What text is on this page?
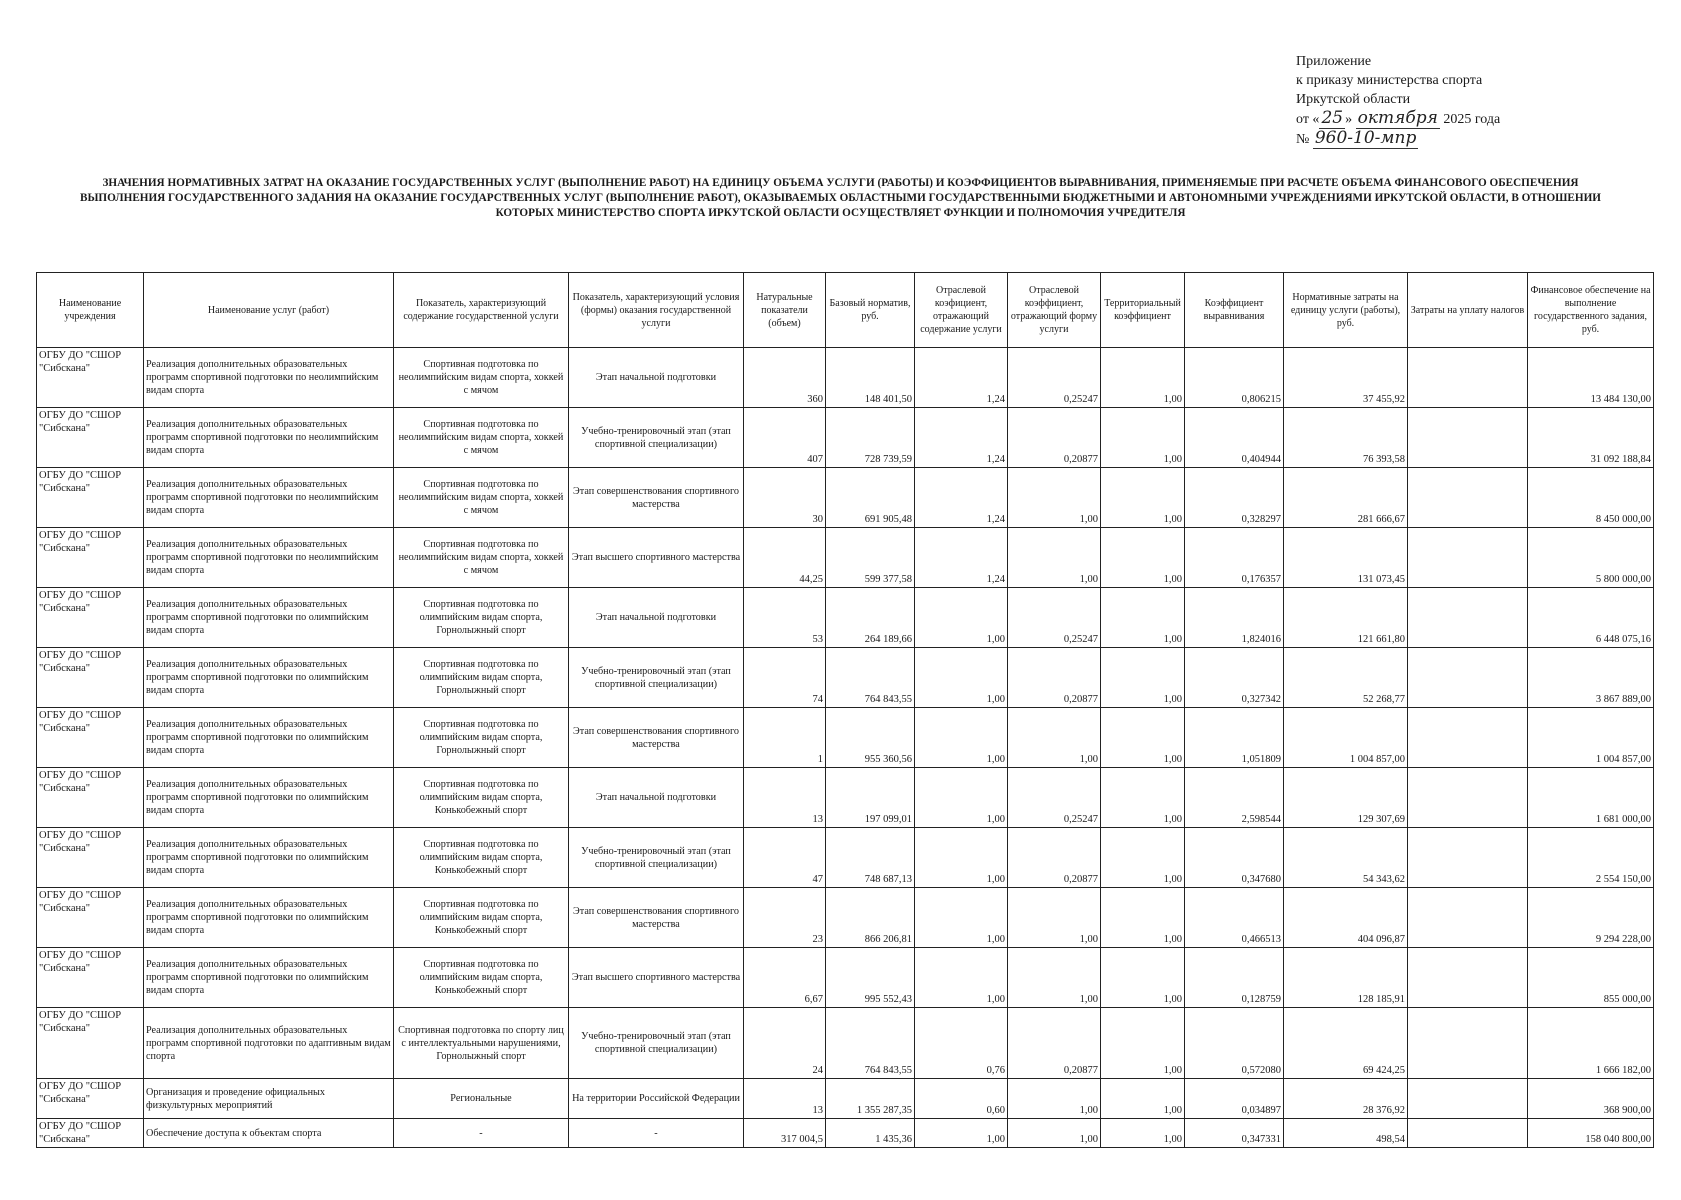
Приложение
к приказу министерства спорта
Иркутской области
от « 25 » октября 2025 года
№ 960-10-мпр
ЗНАЧЕНИЯ НОРМАТИВНЫХ ЗАТРАТ НА ОКАЗАНИЕ ГОСУДАРСТВЕННЫХ УСЛУГ (ВЫПОЛНЕНИЕ РАБОТ) НА ЕДИНИЦУ ОБЪЕМА УСЛУГИ (РАБОТЫ) И КОЭФФИЦИЕНТОВ ВЫРАВНИВАНИЯ, ПРИМЕНЯЕМЫЕ ПРИ РАСЧЕТЕ ОБЪЕМА ФИНАНСОВОГО ОБЕСПЕЧЕНИЯ
ВЫПОЛНЕНИЯ ГОСУДАРСТВЕННОГО ЗАДАНИЯ НА ОКАЗАНИЕ ГОСУДАРСТВЕННЫХ УСЛУГ (ВЫПОЛНЕНИЕ РАБОТ), ОКАЗЫВАЕМЫХ ОБЛАСТНЫМИ ГОСУДАРСТВЕННЫМИ БЮДЖЕТНЫМИ И АВТОНОМНЫМИ УЧРЕЖДЕНИЯМИ ИРКУТСКОЙ ОБЛАСТИ, В ОТНОШЕНИИ
КОТОРЫХ МИНИСТЕРСТВО СПОРТА ИРКУТСКОЙ ОБЛАСТИ ОСУЩЕСТВЛЯЕТ ФУНКЦИИ И ПОЛНОМОЧИЯ УЧРЕДИТЕЛЯ
Наименование учреждения	Наименование услуг (работ)	Показатель, характеризующий содержание государственной услуги	Показатель, характеризующий условия (формы) оказания государственной услуги	Натуральные показатели (объем)	Базовый норматив, руб.	Отраслевой коэфициент, отражающий содержание услуги	Отраслевой коэффициент, отражающий форму услуги	Территориальный коэффициент	Коэффициент выравнивания	Нормативные затраты на единицу услуги (работы), руб.	Затраты на уплату налогов	Финансовое обеспечение на выполнение государственного задания, руб.
ОГБУ ДО "СШОР "Сибскана"	Реализация дополнительных образовательных программ спортивной подготовки по неолимпийским видам спорта	Спортивная подготовка по неолимпийским видам спорта, хоккей с мячом	Этап начальной подготовки	360	148 401,50	1,24	0,25247	1,00	0,806215	37 455,92		13 484 130,00
ОГБУ ДО "СШОР "Сибскана"	Реализация дополнительных образовательных программ спортивной подготовки по неолимпийским видам спорта	Спортивная подготовка по неолимпийским видам спорта, хоккей с мячом	Учебно-тренировочный этап (этап спортивной специализации)	407	728 739,59	1,24	0,20877	1,00	0,404944	76 393,58		31 092 188,84
ОГБУ ДО "СШОР "Сибскана"	Реализация дополнительных образовательных программ спортивной подготовки по неолимпийским видам спорта	Спортивная подготовка по неолимпийским видам спорта, хоккей с мячом	Этап совершенствования спортивного мастерства	30	691 905,48	1,24	1,00	1,00	0,328297	281 666,67		8 450 000,00
ОГБУ ДО "СШОР "Сибскана"	Реализация дополнительных образовательных программ спортивной подготовки по неолимпийским видам спорта	Спортивная подготовка по неолимпийским видам спорта, хоккей с мячом	Этап высшего спортивного мастерства	44,25	599 377,58	1,24	1,00	1,00	0,176357	131 073,45		5 800 000,00
ОГБУ ДО "СШОР "Сибскана"	Реализация дополнительных образовательных программ спортивной подготовки по олимпийским видам спорта	Спортивная подготовка по олимпийским видам спорта, Горнолыжный спорт	Этап начальной подготовки	53	264 189,66	1,00	0,25247	1,00	1,824016	121 661,80		6 448 075,16
ОГБУ ДО "СШОР "Сибскана"	Реализация дополнительных образовательных программ спортивной подготовки по олимпийским видам спорта	Спортивная подготовка по олимпийским видам спорта, Горнолыжный спорт	Учебно-тренировочный этап (этап спортивной специализации)	74	764 843,55	1,00	0,20877	1,00	0,327342	52 268,77		3 867 889,00
ОГБУ ДО "СШОР "Сибскана"	Реализация дополнительных образовательных программ спортивной подготовки по олимпийским видам спорта	Спортивная подготовка по олимпийским видам спорта, Горнолыжный спорт	Этап совершенствования спортивного мастерства	1	955 360,56	1,00	1,00	1,00	1,051809	1 004 857,00		1 004 857,00
ОГБУ ДО "СШОР "Сибскана"	Реализация дополнительных образовательных программ спортивной подготовки по олимпийским видам спорта	Спортивная подготовка по олимпийским видам спорта, Конькобежный спорт	Этап начальной подготовки	13	197 099,01	1,00	0,25247	1,00	2,598544	129 307,69		1 681 000,00
ОГБУ ДО "СШОР "Сибскана"	Реализация дополнительных образовательных программ спортивной подготовки по олимпийским видам спорта	Спортивная подготовка по олимпийским видам спорта, Конькобежный спорт	Учебно-тренировочный этап (этап спортивной специализации)	47	748 687,13	1,00	0,20877	1,00	0,347680	54 343,62		2 554 150,00
ОГБУ ДО "СШОР "Сибскана"	Реализация дополнительных образовательных программ спортивной подготовки по олимпийским видам спорта	Спортивная подготовка по олимпийским видам спорта, Конькобежный спорт	Этап совершенствования спортивного мастерства	23	866 206,81	1,00	1,00	1,00	0,466513	404 096,87		9 294 228,00
ОГБУ ДО "СШОР "Сибскана"	Реализация дополнительных образовательных программ спортивной подготовки по олимпийским видам спорта	Спортивная подготовка по олимпийским видам спорта, Конькобежный спорт	Этап высшего спортивного мастерства	6,67	995 552,43	1,00	1,00	1,00	0,128759	128 185,91		855 000,00
ОГБУ ДО "СШОР "Сибскана"	Реализация дополнительных образовательных программ спортивной подготовки по адаптивным видам спорта	Спортивная подготовка по спорту лиц с интеллектуальными нарушениями, Горнолыжный спорт	Учебно-тренировочный этап (этап спортивной специализации)	24	764 843,55	0,76	0,20877	1,00	0,572080	69 424,25		1 666 182,00
ОГБУ ДО "СШОР "Сибскана"	Организация и проведение официальных физкультурных мероприятий	Региональные	На территории Российской Федерации	13	1 355 287,35	0,60	1,00	1,00	0,034897	28 376,92		368 900,00
ОГБУ ДО "СШОР "Сибскана"	Обеспечение доступа к объектам спорта	-	-	317 004,5	1 435,36	1,00	1,00	1,00	0,347331	498,54		158 040 800,00
